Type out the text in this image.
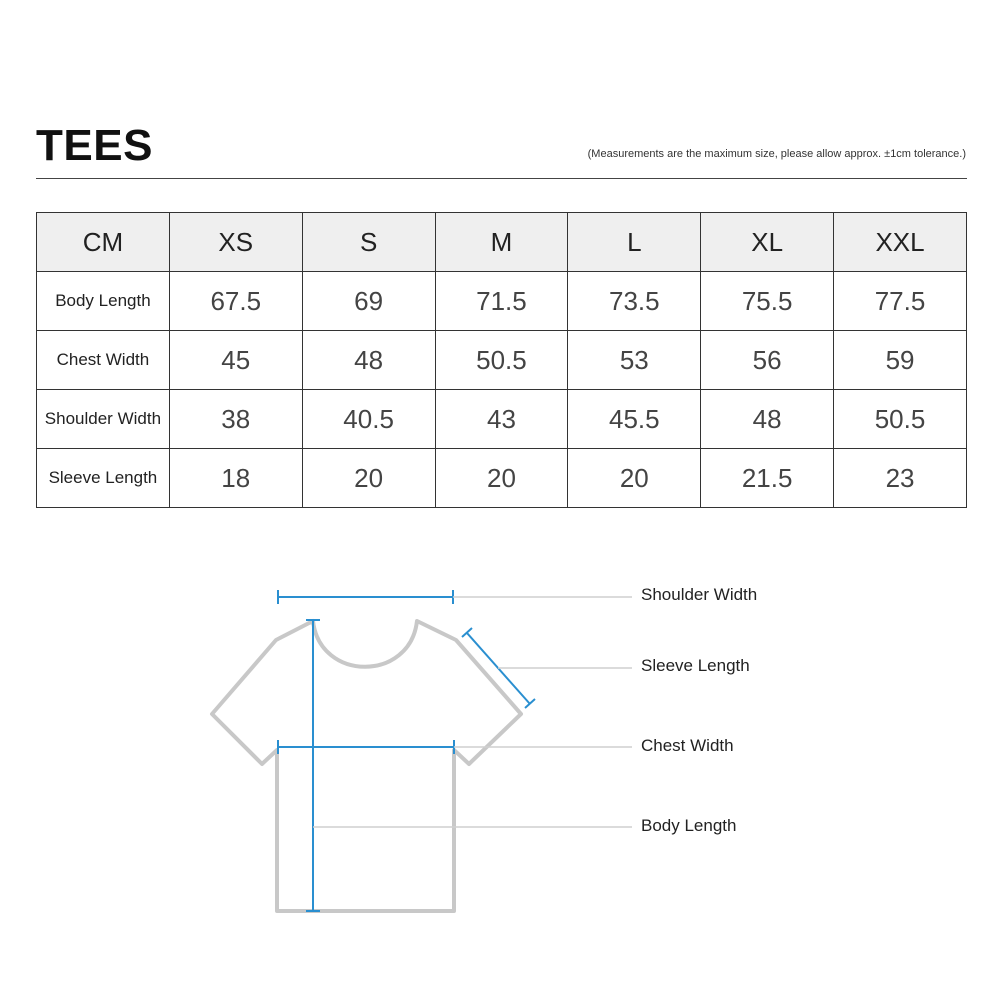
TEES	(Measurements are the maximum size, please allow approx. ±1cm tolerance.)
CM	XS	S	M	L	XL	XXL
Body Length	67.5	69	71.5	73.5	75.5	77.5
Chest Width	45	48	50.5	53	56	59
Shoulder Width	38	40.5	43	45.5	48	50.5
Sleeve Length	18	20	20	20	21.5	23
Shoulder Width
Sleeve Length
Chest Width
Body Length
